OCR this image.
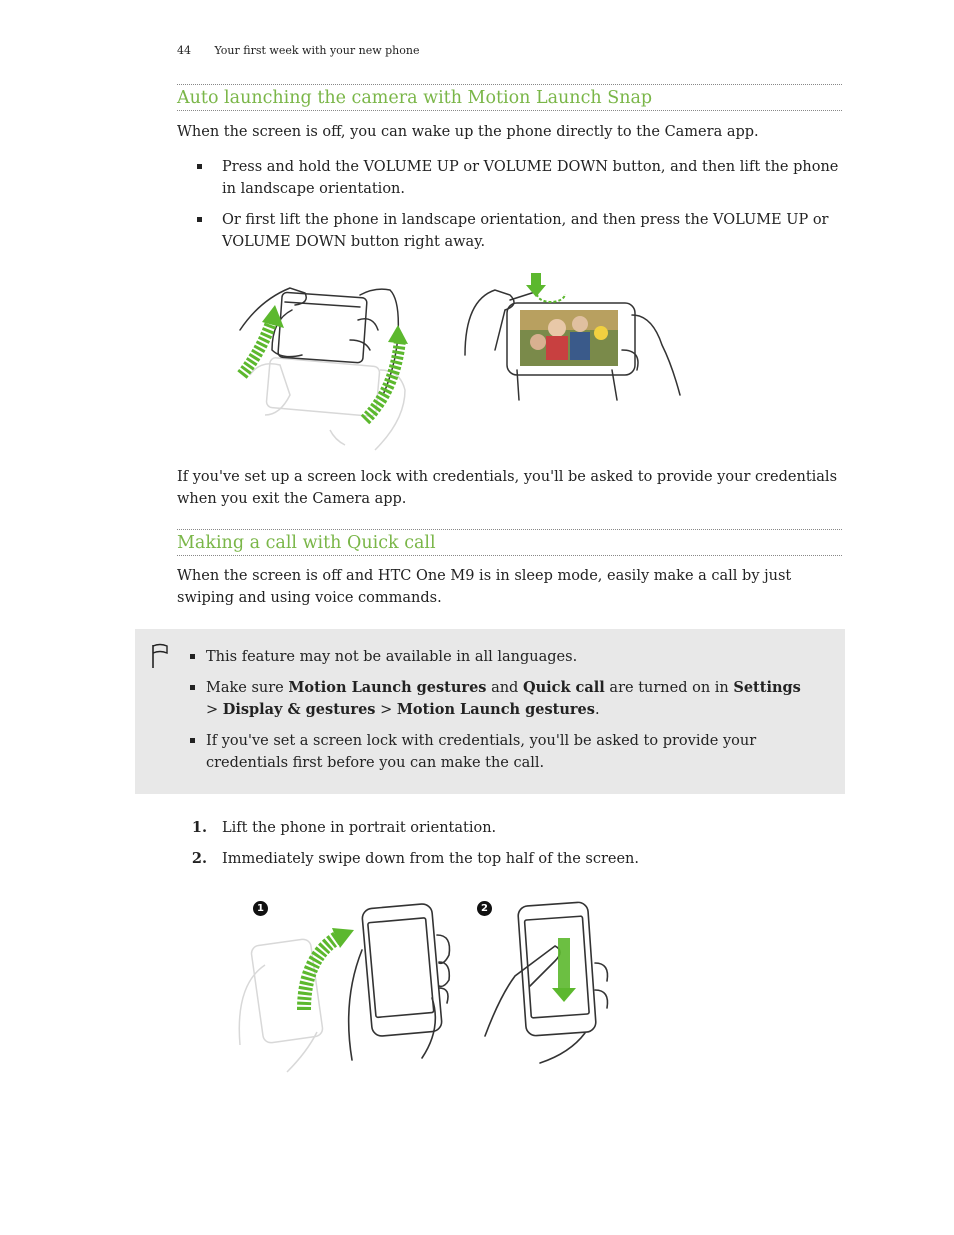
44 Your first week with your new phone
Auto launching the camera with Motion Launch Snap

When the screen is off, you can wake up the phone directly to the Camera app.

Press and hold the VOLUME UP or VOLUME DOWN button, and then lift the phone in landscape orientation.
Or first lift the phone in landscape orientation, and then press the VOLUME UP or VOLUME DOWN button right away.

If you've set up a screen lock with credentials, you'll be asked to provide your credentials when you exit the Camera app.

Making a call with Quick call

When the screen is off and HTC One M9 is in sleep mode, easily make a call by just swiping and using voice commands.

This feature may not be available in all languages.
Make sure Motion Launch gestures and Quick call are turned on in Settings > Display & gestures > Motion Launch gestures.
If you've set a screen lock with credentials, you'll be asked to provide your credentials first before you can make the call.
1.	Lift the phone in portrait orientation.
2.	Immediately swipe down from the top half of the screen.
1	2
